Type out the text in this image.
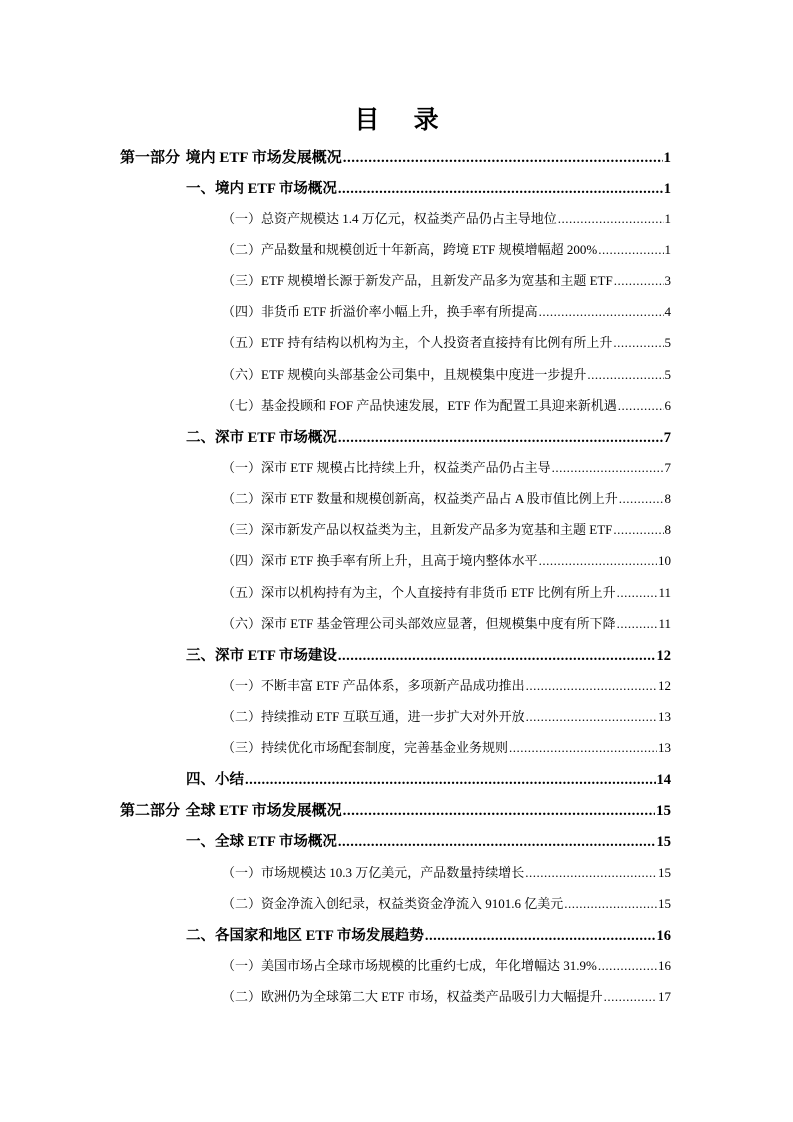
目 录
第一部分 境内 ETF 市场发展概况 .....	1
一、境内 ETF 市场概况 .....	1
（一）总资产规模达 1.4 万亿元，权益类产品仍占主导地位 .....	1
（二）产品数量和规模创近十年新高，跨境 ETF 规模增幅超 200% .....	1
（三）ETF 规模增长源于新发产品，且新发产品多为宽基和主题 ETF .....	3
（四）非货币 ETF 折溢价率小幅上升，换手率有所提高 .....	4
（五）ETF 持有结构以机构为主，个人投资者直接持有比例有所上升 .....	5
（六）ETF 规模向头部基金公司集中，且规模集中度进一步提升 .....	5
（七）基金投顾和 FOF 产品快速发展，ETF 作为配置工具迎来新机遇 .....	6
二、深市 ETF 市场概况 .....	7
（一）深市 ETF 规模占比持续上升，权益类产品仍占主导 .....	7
（二）深市 ETF 数量和规模创新高，权益类产品占 A 股市值比例上升 .....	8
（三）深市新发产品以权益类为主，且新发产品多为宽基和主题 ETF .....	8
（四）深市 ETF 换手率有所上升，且高于境内整体水平 .....	10
（五）深市以机构持有为主，个人直接持有非货币 ETF 比例有所上升 .....	11
（六）深市 ETF 基金管理公司头部效应显著，但规模集中度有所下降 .....	11
三、深市 ETF 市场建设 .....	12
（一）不断丰富 ETF 产品体系，多项新产品成功推出 .....	12
（二）持续推动 ETF 互联互通，进一步扩大对外开放 .....	13
（三）持续优化市场配套制度，完善基金业务规则 .....	13
四、小结 .....	14
第二部分 全球 ETF 市场发展概况 .....	15
一、全球 ETF 市场概况 .....	15
（一）市场规模达 10.3 万亿美元，产品数量持续增长 .....	15
（二）资金净流入创纪录，权益类资金净流入 9101.6 亿美元 .....	15
二、各国家和地区 ETF 市场发展趋势 .....	16
（一）美国市场占全球市场规模的比重约七成，年化增幅达 31.9% .....	16
（二）欧洲仍为全球第二大 ETF 市场，权益类产品吸引力大幅提升 .....	17
